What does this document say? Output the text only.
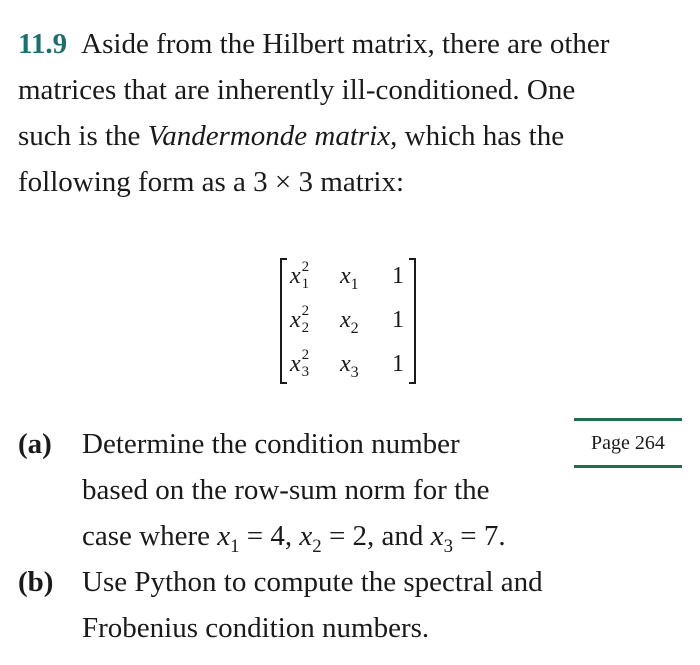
11.9 Aside from the Hilbert matrix, there are other
matrices that are inherently ill-conditioned. One
such is the Vandermonde matrix, which has the
following form as a 3 × 3 matrix:
x 2
1 $x_1$ 1
x 2
2 $x_2$ 1
x 2
3 $x_3$ 1
(a) Determine the condition number
based on the row-sum norm for the
case where $x_1 = 4$, $x_2 = 2$, and $x_3 = 7$.
(b) Use Python to compute the spectral and
Frobenius condition numbers.
Page 264
